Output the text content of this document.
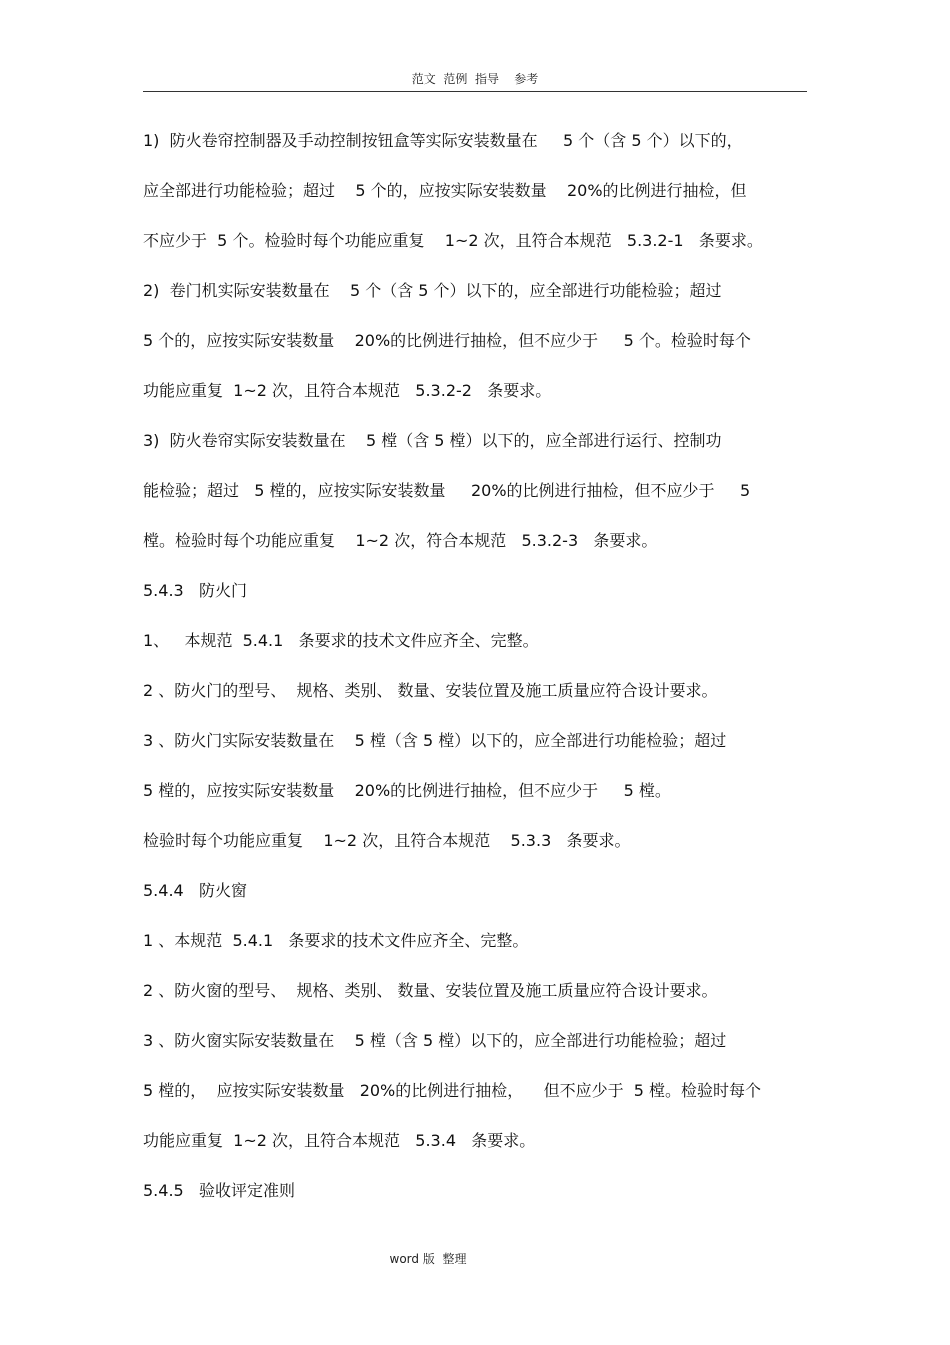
范文  范例  指导    参考
1)  防火卷帘控制器及手动控制按钮盒等实际安装数量在     5 个（含 5 个）以下的，
应全部进行功能检验；超过    5 个的，应按实际安装数量    20%的比例进行抽检，但
不应少于  5 个。检验时每个功能应重复    1~2 次，且符合本规范   5.3.2-1   条要求。
2)  卷门机实际安装数量在    5 个（含 5 个）以下的，应全部进行功能检验；超过
5 个的，应按实际安装数量    20%的比例进行抽检，但不应少于     5 个。检验时每个
功能应重复  1~2 次，且符合本规范   5.3.2-2   条要求。
3)  防火卷帘实际安装数量在    5 樘（含 5 樘）以下的，应全部进行运行、控制功
能检验；超过   5 樘的，应按实际安装数量     20%的比例进行抽检，但不应少于     5
樘。检验时每个功能应重复    1~2 次，符合本规范   5.3.2-3   条要求。
5.4.3   防火门
1、   本规范  5.4.1   条要求的技术文件应齐全、完整。
2 、防火门的型号、  规格、类别、 数量、安装位置及施工质量应符合设计要求。
3 、防火门实际安装数量在    5 樘（含 5 樘）以下的，应全部进行功能检验；超过
5 樘的，应按实际安装数量    20%的比例进行抽检，但不应少于     5 樘。
检验时每个功能应重复    1~2 次，且符合本规范    5.3.3   条要求。
5.4.4   防火窗
1 、本规范  5.4.1   条要求的技术文件应齐全、完整。
2 、防火窗的型号、  规格、类别、 数量、安装位置及施工质量应符合设计要求。
3 、防火窗实际安装数量在    5 樘（含 5 樘）以下的，应全部进行功能检验；超过
5 樘的，  应按实际安装数量   20%的比例进行抽检，    但不应少于  5 樘。检验时每个
功能应重复  1~2 次，且符合本规范   5.3.4   条要求。
5.4.5   验收评定准则
word 版  整理
